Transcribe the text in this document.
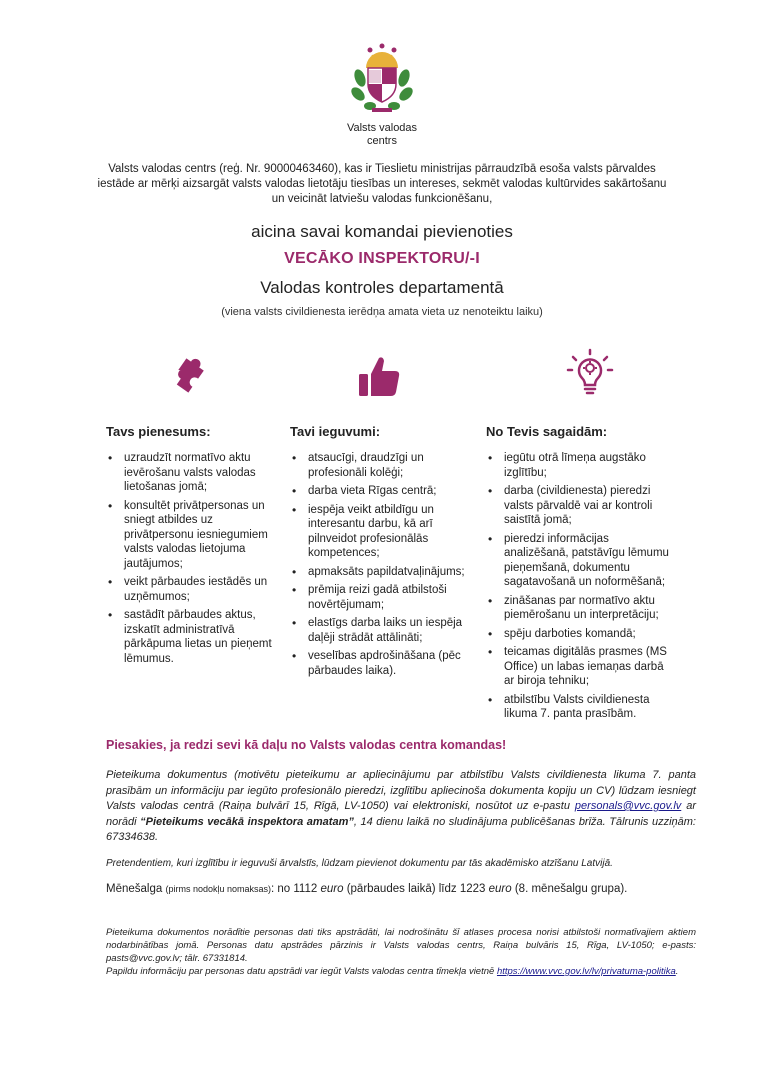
Valsts valodas
centrs

Valsts valodas centrs (reģ. Nr. 90000463460), kas ir Tieslietu ministrijas pārraudzībā esoša valsts pārvaldes iestāde ar mērķi aizsargāt valsts valodas lietotāju tiesības un intereses, sekmēt valodas kultūrvides sakārtošanu un veicināt latviešu valodas funkcionēšanu,

aicina savai komandai pievienoties
VECĀKO INSPEKTORU/-I
Valodas kontroles departamentā
(viena valsts civildienesta ierēdņa amata vieta uz nenoteiktu laiku)
Tavs pienesums:
• uzraudzīt normatīvo aktu ievērošanu valsts valodas lietošanas jomā;
• konsultēt privātpersonas un sniegt atbildes uz privātpersonu iesniegumiem valsts valodas lietojuma jautājumos;
• veikt pārbaudes iestādēs un uzņēmumos;
• sastādīt pārbaudes aktus, izskatīt administratīvā pārkāpuma lietas un pieņemt lēmumus.
Tavi ieguvumi:
• atsaucīgi, draudzīgi un profesionāli kolēģi;
• darba vieta Rīgas centrā;
• iespēja veikt atbildīgu un interesantu darbu, kā arī pilnveidot profesionālās kompetences;
• apmaksāts papildatvaļinājums;
• prēmija reizi gadā atbilstoši novērtējumam;
• elastīgs darba laiks un iespēja daļēji strādāt attālināti;
• veselības apdrošināšana (pēc pārbaudes laika).
No Tevis sagaidām:
• iegūtu otrā līmeņa augstāko izglītību;
• darba (civildienesta) pieredzi valsts pārvaldē vai ar kontroli saistītā jomā;
• pieredzi informācijas analizēšanā, patstāvīgu lēmumu pieņemšanā, dokumentu sagatavošanā un noformēšanā;
• zināšanas par normatīvo aktu piemērošanu un interpretāciju;
• spēju darboties komandā;
• teicamas digitālās prasmes (MS Office) un labas iemaņas darbā ar biroja tehniku;
• atbilstību Valsts civildienesta likuma 7. panta prasībām.
Piesakies, ja redzi sevi kā daļu no Valsts valodas centra komandas!

Pieteikuma dokumentus (motivētu pieteikumu ar apliecinājumu par atbilstību Valsts civildienesta likuma 7. panta prasībām un informāciju par iegūto profesionālo pieredzi, izglītību apliecinoša dokumenta kopiju un CV) lūdzam iesniegt Valsts valodas centrā (Raiņa bulvārī 15, Rīgā, LV-1050) vai elektroniski, nosūtot uz e-pastu personals@vvc.gov.lv ar norādi “Pieteikums vecākā inspektora amatam”, 14 dienu laikā no sludinājuma publicēšanas brīža. Tālrunis uzziņām: 67334638.

Pretendentiem, kuri izglītību ir ieguvuši ārvalstīs, lūdzam pievienot dokumentu par tās akadēmisko atzīšanu Latvijā.

Mēnešalga (pirms nodokļu nomaksas): no 1112 euro (pārbaudes laikā) līdz 1223 euro (8. mēnešalgu grupa).

Pieteikuma dokumentos norādītie personas dati tiks apstrādāti, lai nodrošinātu šī atlases procesa norisi atbilstoši normatīvajiem aktiem nodarbinātības jomā. Personas datu apstrādes pārzinis ir Valsts valodas centrs, Raiņa bulvāris 15, Rīga, LV-1050; e-pasts: pasts@vvc.gov.lv; tālr. 67331814.

Papildu informāciju par personas datu apstrādi var iegūt Valsts valodas centra tīmekļa vietnē https://www.vvc.gov.lv/lv/privatuma-politika.
